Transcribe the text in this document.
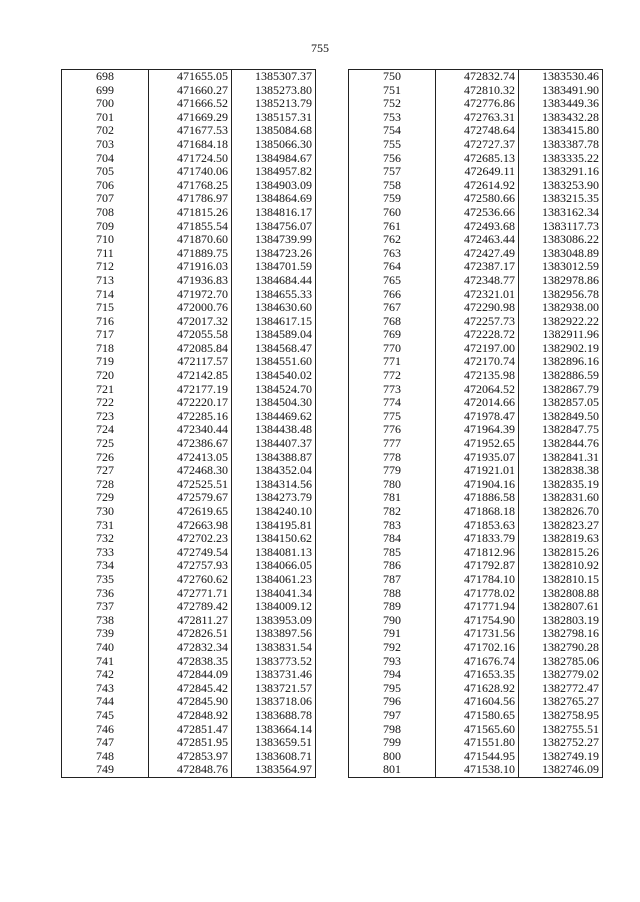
755
698	471655.05	1385307.37
699	471660.27	1385273.80
700	471666.52	1385213.79
701	471669.29	1385157.31
702	471677.53	1385084.68
703	471684.18	1385066.30
704	471724.50	1384984.67
705	471740.06	1384957.82
706	471768.25	1384903.09
707	471786.97	1384864.69
708	471815.26	1384816.17
709	471855.54	1384756.07
710	471870.60	1384739.99
711	471889.75	1384723.26
712	471916.03	1384701.59
713	471936.83	1384684.44
714	471972.70	1384655.33
715	472000.76	1384630.60
716	472017.32	1384617.15
717	472055.58	1384589.04
718	472085.84	1384568.47
719	472117.57	1384551.60
720	472142.85	1384540.02
721	472177.19	1384524.70
722	472220.17	1384504.30
723	472285.16	1384469.62
724	472340.44	1384438.48
725	472386.67	1384407.37
726	472413.05	1384388.87
727	472468.30	1384352.04
728	472525.51	1384314.56
729	472579.67	1384273.79
730	472619.65	1384240.10
731	472663.98	1384195.81
732	472702.23	1384150.62
733	472749.54	1384081.13
734	472757.93	1384066.05
735	472760.62	1384061.23
736	472771.71	1384041.34
737	472789.42	1384009.12
738	472811.27	1383953.09
739	472826.51	1383897.56
740	472832.34	1383831.54
741	472838.35	1383773.52
742	472844.09	1383731.46
743	472845.42	1383721.57
744	472845.90	1383718.06
745	472848.92	1383688.78
746	472851.47	1383664.14
747	472851.95	1383659.51
748	472853.97	1383608.71
749	472848.76	1383564.97
750	472832.74	1383530.46
751	472810.32	1383491.90
752	472776.86	1383449.36
753	472763.31	1383432.28
754	472748.64	1383415.80
755	472727.37	1383387.78
756	472685.13	1383335.22
757	472649.11	1383291.16
758	472614.92	1383253.90
759	472580.66	1383215.35
760	472536.66	1383162.34
761	472493.68	1383117.73
762	472463.44	1383086.22
763	472427.49	1383048.89
764	472387.17	1383012.59
765	472348.77	1382978.86
766	472321.01	1382956.78
767	472290.98	1382938.00
768	472257.73	1382922.22
769	472228.72	1382911.96
770	472197.00	1382902.19
771	472170.74	1382896.16
772	472135.98	1382886.59
773	472064.52	1382867.79
774	472014.66	1382857.05
775	471978.47	1382849.50
776	471964.39	1382847.75
777	471952.65	1382844.76
778	471935.07	1382841.31
779	471921.01	1382838.38
780	471904.16	1382835.19
781	471886.58	1382831.60
782	471868.18	1382826.70
783	471853.63	1382823.27
784	471833.79	1382819.63
785	471812.96	1382815.26
786	471792.87	1382810.92
787	471784.10	1382810.15
788	471778.02	1382808.88
789	471771.94	1382807.61
790	471754.90	1382803.19
791	471731.56	1382798.16
792	471702.16	1382790.28
793	471676.74	1382785.06
794	471653.35	1382779.02
795	471628.92	1382772.47
796	471604.56	1382765.27
797	471580.65	1382758.95
798	471565.60	1382755.51
799	471551.80	1382752.27
800	471544.95	1382749.19
801	471538.10	1382746.09
